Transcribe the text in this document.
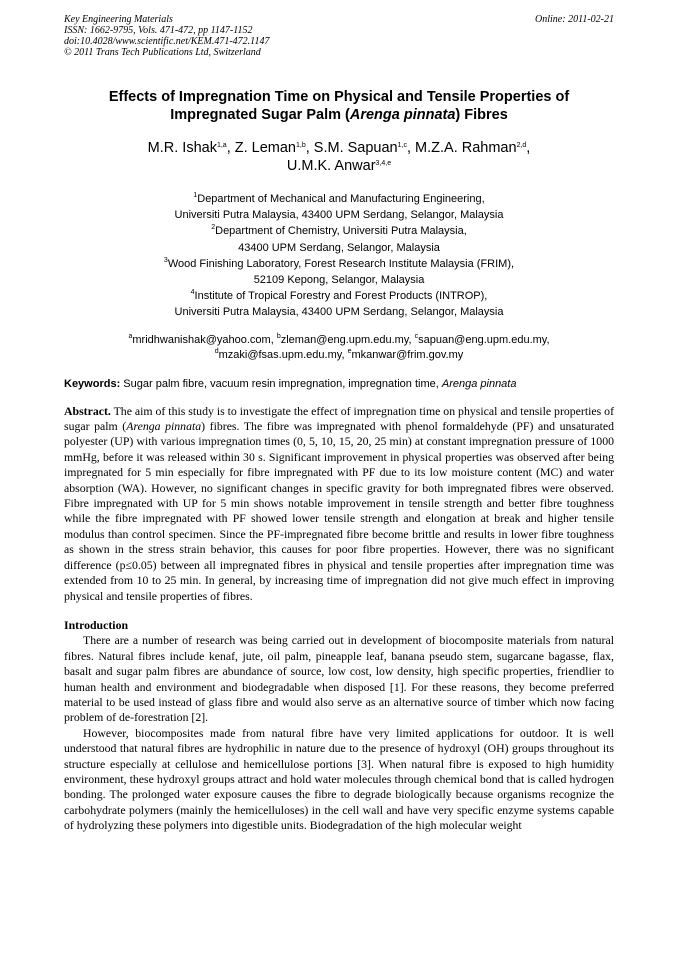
Key Engineering Materials
ISSN: 1662-9795, Vols. 471-472, pp 1147-1152
doi:10.4028/www.scientific.net/KEM.471-472.1147
© 2011 Trans Tech Publications Ltd, Switzerland
Online: 2011-02-21
Effects of Impregnation Time on Physical and Tensile Properties of
Impregnated Sugar Palm (Arenga pinnata) Fibres
M.R. Ishak$^{1,a}$, Z. Leman$^{1,b}$, S.M. Sapuan$^{1,c}$, M.Z.A. Rahman$^{2,d}$,
U.M.K. Anwar$^{3,4,e}$
$^1$Department of Mechanical and Manufacturing Engineering,
Universiti Putra Malaysia, 43400 UPM Serdang, Selangor, Malaysia
$^2$Department of Chemistry, Universiti Putra Malaysia,
43400 UPM Serdang, Selangor, Malaysia
$^3$Wood Finishing Laboratory, Forest Research Institute Malaysia (FRIM),
52109 Kepong, Selangor, Malaysia
$^4$Institute of Tropical Forestry and Forest Products (INTROP),
Universiti Putra Malaysia, 43400 UPM Serdang, Selangor, Malaysia
$^a$mridhwanishak@yahoo.com, $^b$zleman@eng.upm.edu.my, $^c$sapuan@eng.upm.edu.my,
$^d$mzaki@fsas.upm.edu.my, $^e$mkanwar@frim.gov.my
Keywords: Sugar palm fibre, vacuum resin impregnation, impregnation time, Arenga pinnata
Abstract. The aim of this study is to investigate the effect of impregnation time on physical and tensile properties of sugar palm (Arenga pinnata) fibres. The fibre was impregnated with phenol formaldehyde (PF) and unsaturated polyester (UP) with various impregnation times (0, 5, 10, 15, 20, 25 min) at constant impregnation pressure of 1000 mmHg, before it was released within 30 s. Significant improvement in physical properties was observed after being impregnated for 5 min especially for fibre impregnated with PF due to its low moisture content (MC) and water absorption (WA). However, no significant changes in specific gravity for both impregnated fibres were observed. Fibre impregnated with UP for 5 min shows notable improvement in tensile strength and better fibre toughness while the fibre impregnated with PF showed lower tensile strength and elongation at break and higher tensile modulus than control specimen. Since the PF-impregnated fibre become brittle and results in lower fibre toughness as shown in the stress strain behavior, this causes for poor fibre properties. However, there was no significant difference (p≤0.05) between all impregnated fibres in physical and tensile properties after impregnation time was extended from 10 to 25 min. In general, by increasing time of impregnation did not give much effect in improving physical and tensile properties of fibres.
Introduction
There are a number of research was being carried out in development of biocomposite materials from natural fibres. Natural fibres include kenaf, jute, oil palm, pineapple leaf, banana pseudo stem, sugarcane bagasse, flax, basalt and sugar palm fibres are abundance of source, low cost, low density, high specific properties, friendlier to human health and environment and biodegradable when disposed [1]. For these reasons, they become preferred material to be used instead of glass fibre and would also serve as an alternative source of timber which now facing problem of de-forestration [2].
However, biocomposites made from natural fibre have very limited applications for outdoor. It is well understood that natural fibres are hydrophilic in nature due to the presence of hydroxyl (OH) groups throughout its structure especially at cellulose and hemicellulose portions [3]. When natural fibre is exposed to high humidity environment, these hydroxyl groups attract and hold water molecules through chemical bond that is called hydrogen bonding. The prolonged water exposure causes the fibre to degrade biologically because organisms recognize the carbohydrate polymers (mainly the hemicelluloses) in the cell wall and have very specific enzyme systems capable of hydrolyzing these polymers into digestible units. Biodegradation of the high molecular weight
